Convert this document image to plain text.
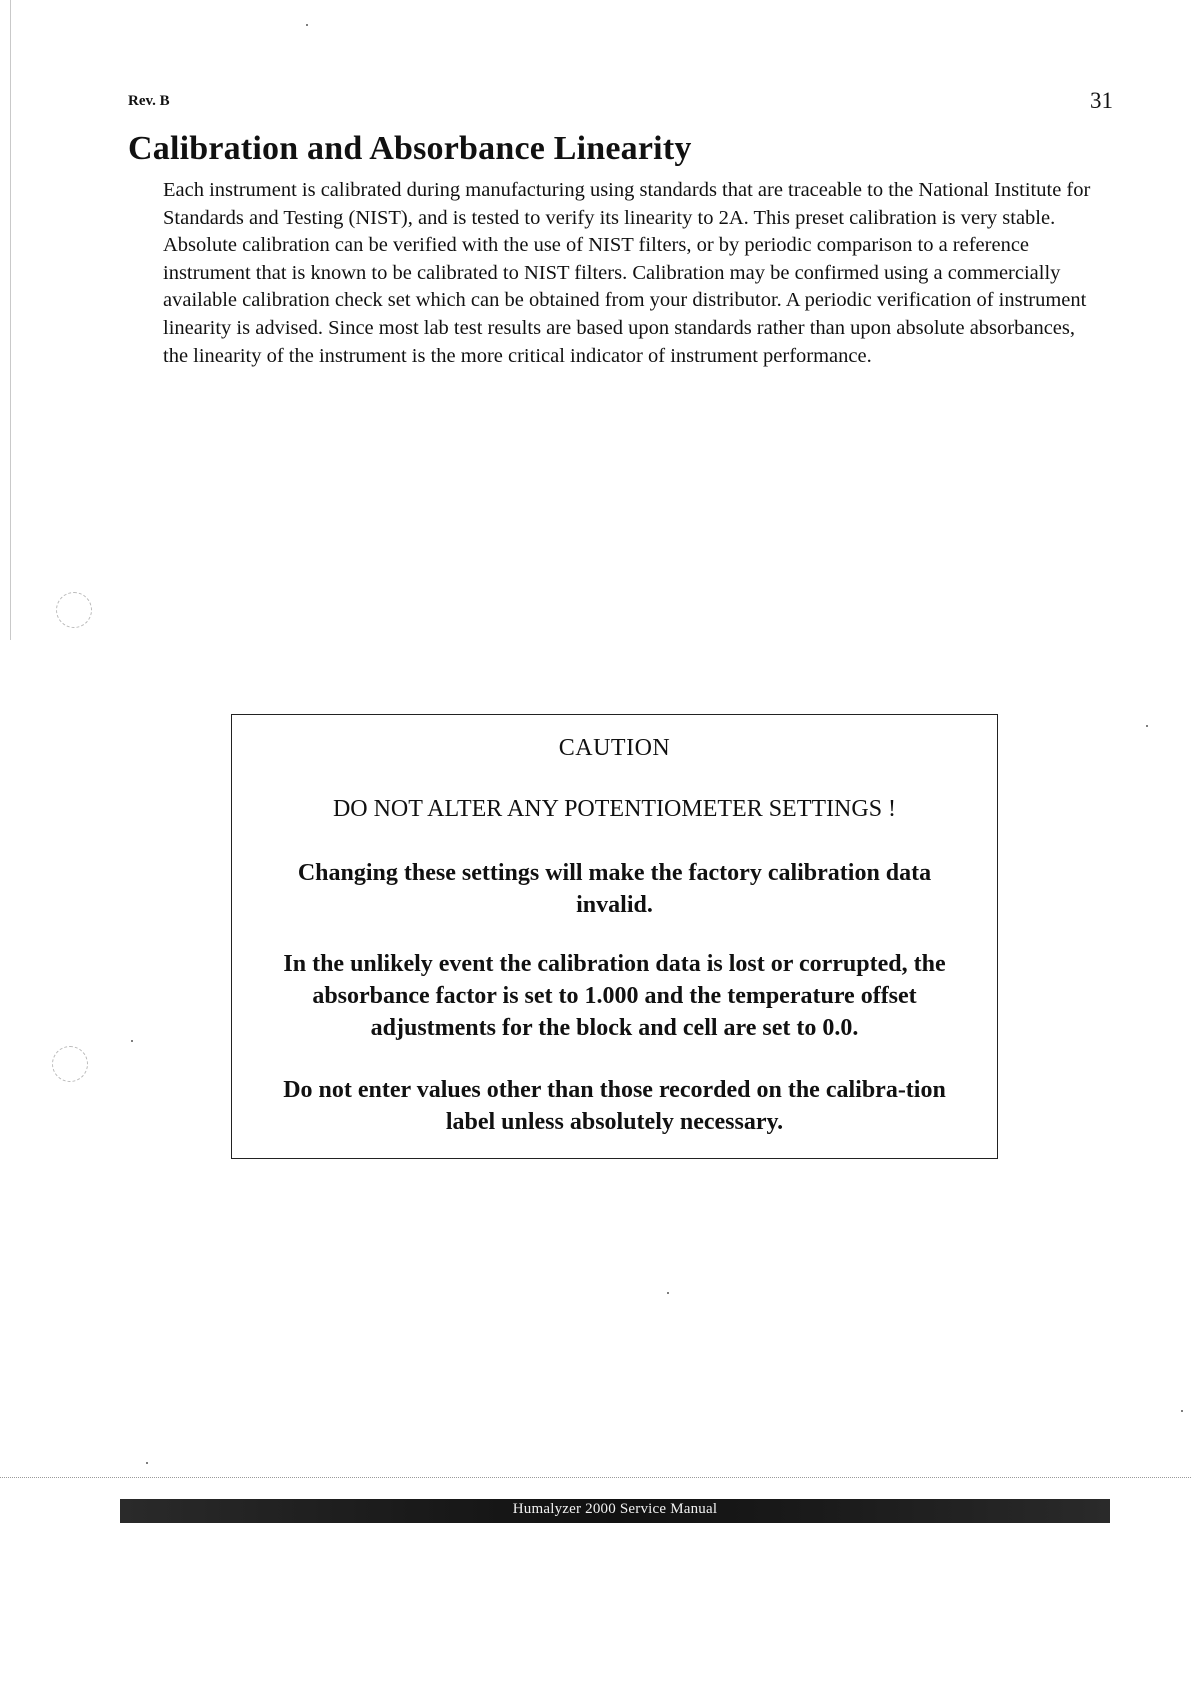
Rev. B	31
Calibration and Absorbance Linearity

Each instrument is calibrated during manufacturing using standards that are traceable to the National Institute for Standards and Testing (NIST), and is tested to verify its linearity to 2A. This preset calibration is very stable. Absolute calibration can be verified with the use of NIST filters, or by periodic comparison to a reference instrument that is known to be calibrated to NIST filters. Calibration may be confirmed using a commercially available calibration check set which can be obtained from your distributor. A periodic verification of instrument linearity is advised. Since most lab test results are based upon standards rather than upon absolute absorbances, the linearity of the instrument is the more critical indicator of instrument performance.

CAUTION
DO NOT ALTER ANY POTENTIOMETER SETTINGS !
Changing these settings will make the factory calibration data invalid.
In the unlikely event the calibration data is lost or corrupted, the absorbance factor is set to 1.000 and the temperature offset adjustments for the block and cell are set to 0.0.
Do not enter values other than those recorded on the calibra-tion label unless absolutely necessary.
Humalyzer 2000 Service Manual
